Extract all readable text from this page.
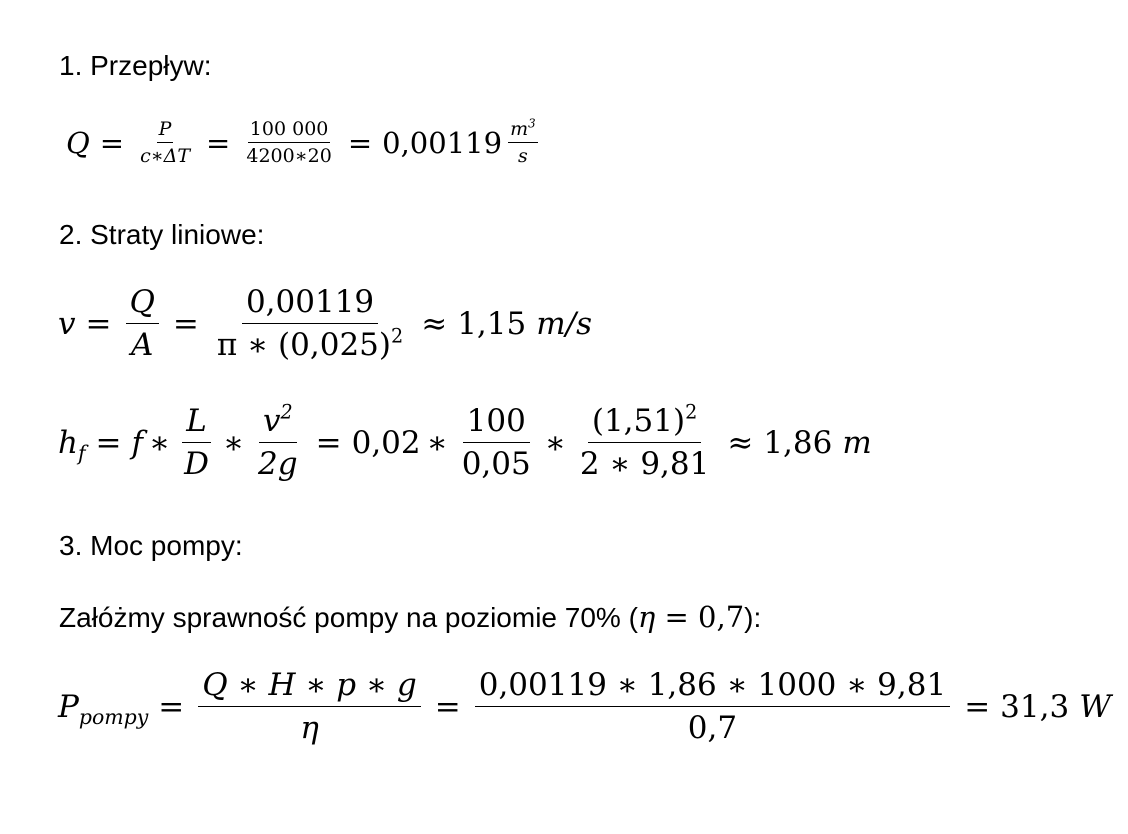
1. Przepływ:
$Q = \frac{P}{c∗\Delta T} = \frac{100 000}{4200∗20} = 0,00119 \frac{m^3}{s}$
2. Straty liniowe:
$v = \frac{Q}{A} = \frac{0,00119}{\pi ∗ (0,025)^2} \approx 1,15$ m/s
$h_f = f$ ∗ $\frac{L}{D}$ ∗ $\frac{v^2}{2g} = 0,02$ ∗ $\frac{100}{0,05}$ ∗ $\frac{(1,51)^2}{2 ∗ 9,81} \approx 1,86$ m
3. Moc pompy:
Załóżmy sprawność pompy na poziomie 70% (η = 0,7):
$P_{pompy} = \frac{Q ∗ H ∗ p ∗ g}{\eta} = \frac{0,00119 ∗ 1,86 ∗ 1000 ∗ 9,81}{0,7} = 31,3$ W
